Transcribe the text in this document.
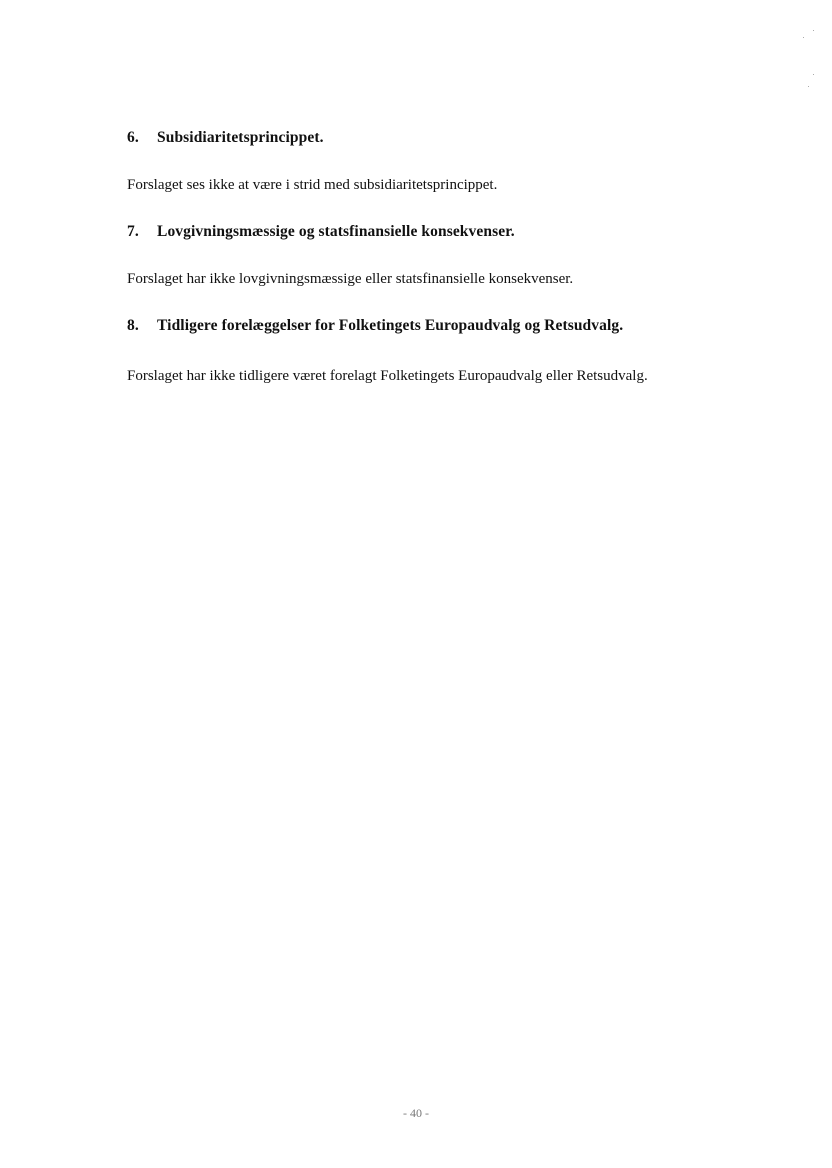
6. Subsidiaritetsprincippet.
Forslaget ses ikke at være i strid med subsidiaritetsprincippet.
7. Lovgivningsmæssige og statsfinansielle konsekvenser.
Forslaget har ikke lovgivningsmæssige eller statsfinansielle konsekvenser.
8. Tidligere forelæggelser for Folketingets Europaudvalg og Retsudvalg.
Forslaget har ikke tidligere været forelagt Folketingets Europaudvalg eller Retsudvalg.
- 40 -
